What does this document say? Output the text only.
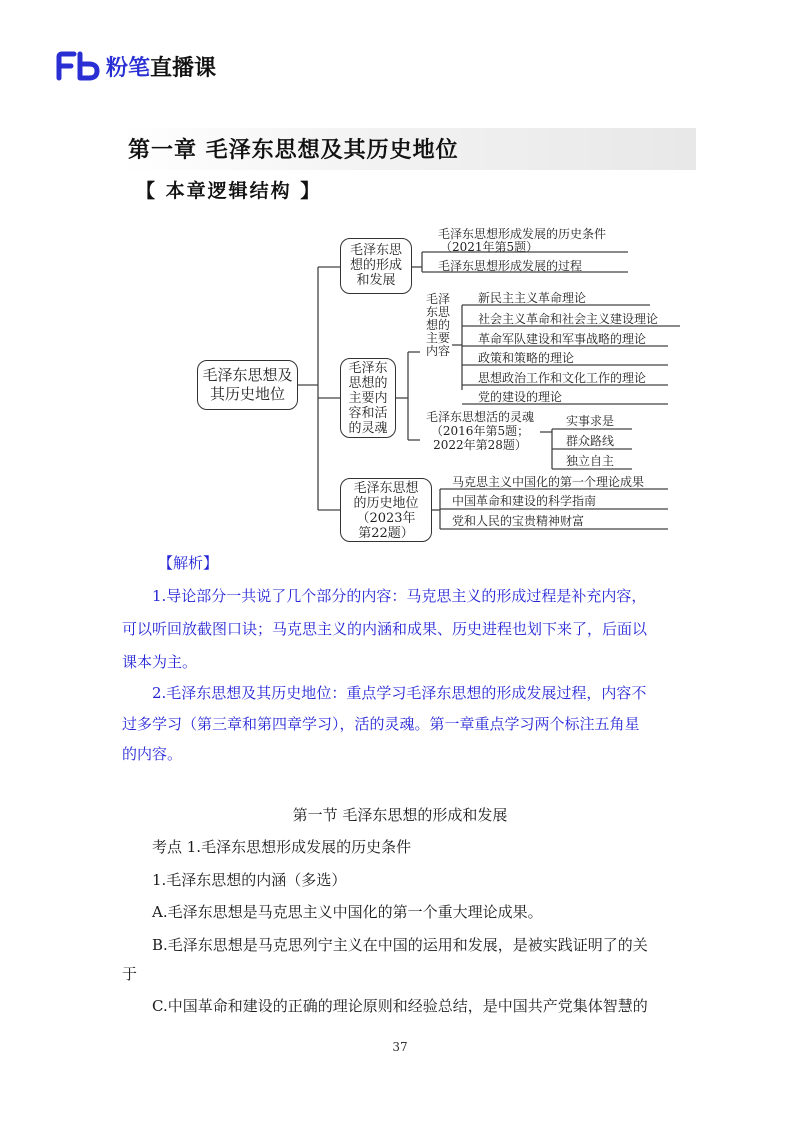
粉笔直播课
第一章 毛泽东思想及其历史地位
【 本章逻辑结构 】
毛泽东思想及
其历史地位
毛泽东思
想的形成
和发展
毛泽东
思想的
主要内
容和活
的灵魂
毛泽东思想
的历史地位
（2023年
第22题）
毛泽东思想形成发展的历史条件
（2021年第5题）
毛泽东思想形成发展的过程
毛泽
东思
想的
主要
内容
新民主主义革命理论
社会主义革命和社会主义建设理论
革命军队建设和军事战略的理论
政策和策略的理论
思想政治工作和文化工作的理论
党的建设的理论
毛泽东思想活的灵魂
（2016年第5题；
2022年第28题）
实事求是
群众路线
独立自主
马克思主义中国化的第一个理论成果
中国革命和建设的科学指南
党和人民的宝贵精神财富
【解析】
1.导论部分一共说了几个部分的内容：马克思主义的形成过程是补充内容，
可以听回放截图口诀；马克思主义的内涵和成果、历史进程也划下来了，后面以
课本为主。
2.毛泽东思想及其历史地位：重点学习毛泽东思想的形成发展过程，内容不
过多学习（第三章和第四章学习），活的灵魂。第一章重点学习两个标注五角星
的内容。
第一节 毛泽东思想的形成和发展
考点 1.毛泽东思想形成发展的历史条件
1.毛泽东思想的内涵（多选）
A.毛泽东思想是马克思主义中国化的第一个重大理论成果。
B.毛泽东思想是马克思列宁主义在中国的运用和发展，是被实践证明了的关
于
C.中国革命和建设的正确的理论原则和经验总结，是中国共产党集体智慧的
37
